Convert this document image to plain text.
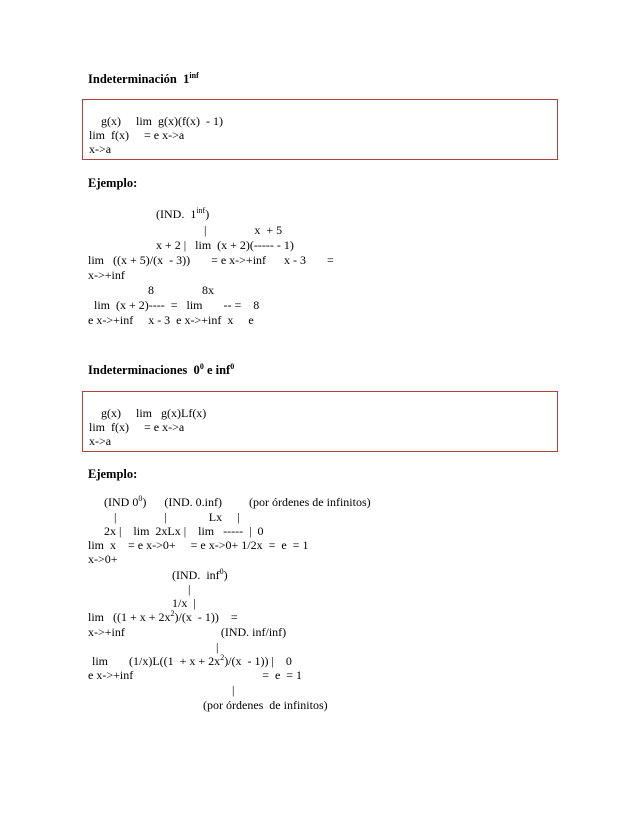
Indeterminación  $1^{inf}$
g(x)     lim  g(x)(f(x)  - 1)
lim  f(x)     = e x->a
x->a
Ejemplo:
(IND.  $1^{inf}$)
|                x  + 5
x + 2 |   lim  (x + 2)(----- - 1)
lim   ((x + 5)/(x  - 3))       = e x->+inf      x - 3       =
x->+inf
8                8x
lim  (x + 2)----  =   lim       -- =    8
e x->+inf     x - 3  e x->+inf  x     e
Indeterminaciones  $0^0$ e inf$^0$
g(x)     lim   g(x)Lf(x)
lim  f(x)     = e x->a
x->a
Ejemplo:
(IND $0^0$)      (IND. 0.inf)         (por órdenes de infinitos)
|                |              Lx     |
2x |    lim  2xLx |    lim   -----  |  0
lim  x    = e x->0+     = e x->0+ 1/2x  =  e  = 1
x->0+
(IND.  inf$^0$)
|
1/x  |
$\lim ((1 + x + 2x^2)/(x - 1))$    =
x->+inf                                (IND. inf/inf)
|
lim       $(1/x)L((1 + x + 2x^2)/(x - 1))$ |    0
e x->+inf                                           =  e  = 1
|
(por órdenes  de infinitos)
